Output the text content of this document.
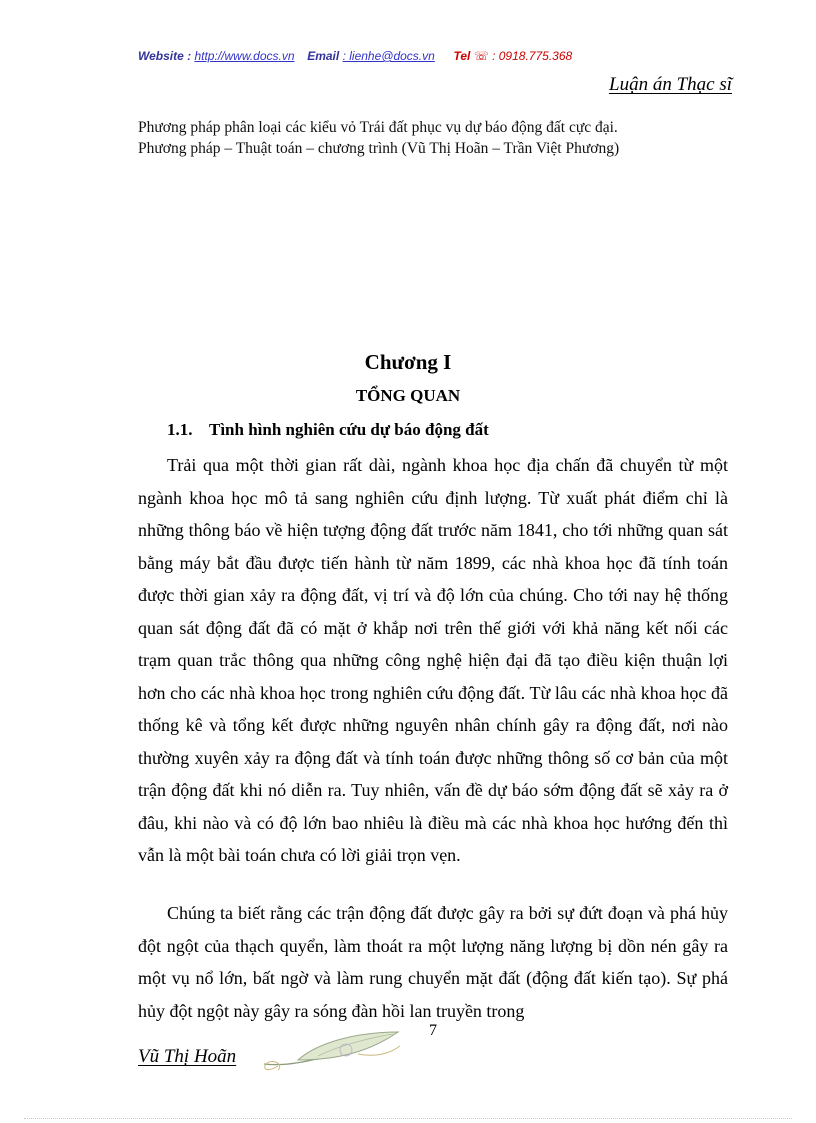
Website : http://www.docs.vn Email : lienhe@docs.vn Tel ☏ : 0918.775.368
Luận án Thạc sĩ
Phương pháp phân loại các kiểu vỏ Trái đất phục vụ dự báo động đất cực đại.
Phương pháp – Thuật toán – chương trình (Vũ Thị Hoãn – Trần Việt Phương)
Chương I
TỔNG QUAN
1.1. Tình hình nghiên cứu dự báo động đất

Trải qua một thời gian rất dài, ngành khoa học địa chấn đã chuyển từ một ngành khoa học mô tả sang nghiên cứu định lượng. Từ xuất phát điểm chỉ là những thông báo về hiện tượng động đất trước năm 1841, cho tới những quan sát bằng máy bắt đầu được tiến hành từ năm 1899, các nhà khoa học đã tính toán được thời gian xảy ra động đất, vị trí và độ lớn của chúng. Cho tới nay hệ thống quan sát động đất đã có mặt ở khắp nơi trên thế giới với khả năng kết nối các trạm quan trắc thông qua những công nghệ hiện đại đã tạo điều kiện thuận lợi hơn cho các nhà khoa học trong nghiên cứu động đất. Từ lâu các nhà khoa học đã thống kê và tổng kết được những nguyên nhân chính gây ra động đất, nơi nào thường xuyên xảy ra động đất và tính toán được những thông số cơ bản của một trận động đất khi nó diễn ra. Tuy nhiên, vấn đề dự báo sớm động đất sẽ xảy ra ở đâu, khi nào và có độ lớn bao nhiêu là điều mà các nhà khoa học hướng đến thì vẫn là một bài toán chưa có lời giải trọn vẹn.

Chúng ta biết rằng các trận động đất được gây ra bởi sự đứt đoạn và phá hủy đột ngột của thạch quyển, làm thoát ra một lượng năng lượng bị dồn nén gây ra một vụ nổ lớn, bất ngờ và làm rung chuyển mặt đất (động đất kiến tạo). Sự phá hủy đột ngột này gây ra sóng đàn hồi lan truyền trong

7
Vũ Thị Hoãn
